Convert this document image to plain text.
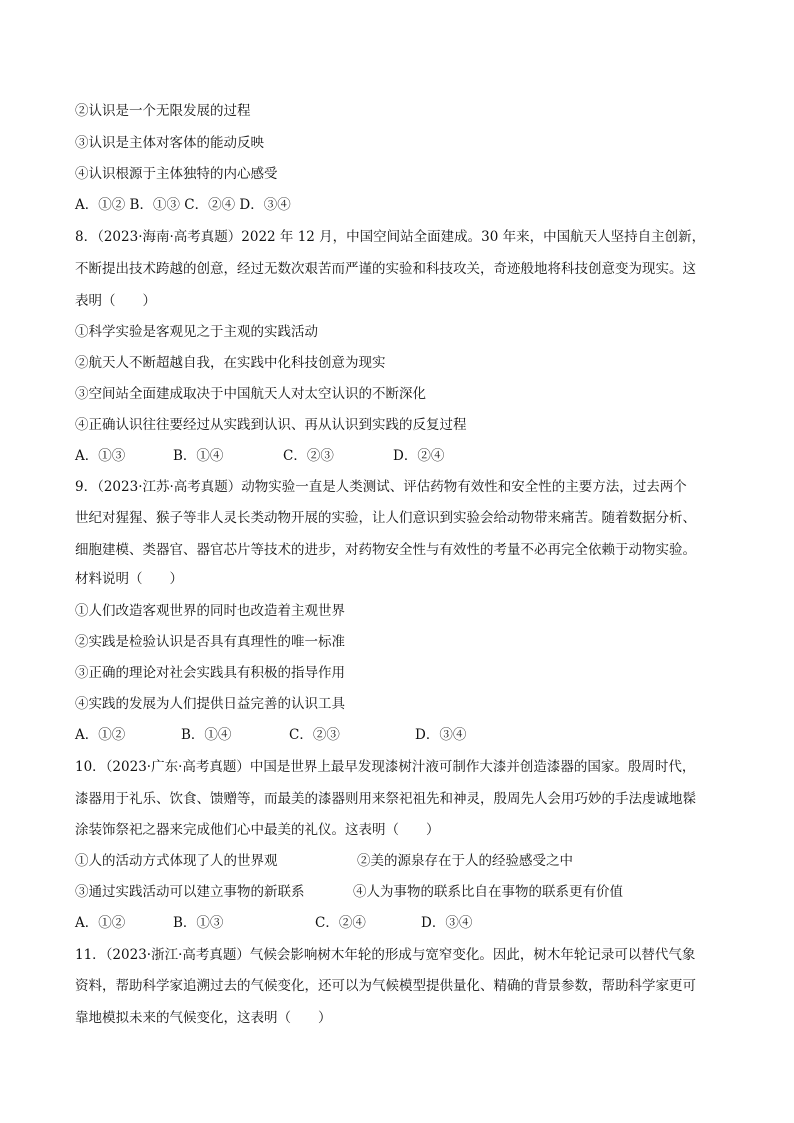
②认识是一个无限发展的过程
③认识是主体对客体的能动反映
④认识根源于主体独特的内心感受
A．①② B．①③ C．②④ D．③④
8．（2023·海南·高考真题）2022 年 12 月，中国空间站全面建成。30 年来，中国航天人坚持自主创新，
不断提出技术跨越的创意，经过无数次艰苦而严谨的实验和科技攻关，奇迹般地将科技创意变为现实。这
表明（　　）
①科学实验是客观见之于主观的实践活动
②航天人不断超越自我，在实践中化科技创意为现实
③空间站全面建成取决于中国航天人对太空认识的不断深化
④正确认识往往要经过从实践到认识、再从认识到实践的反复过程
A．①③	B．①④	C．②③	D．②④
9．（2023·江苏·高考真题）动物实验一直是人类测试、评估药物有效性和安全性的主要方法，过去两个
世纪对猩猩、猴子等非人灵长类动物开展的实验，让人们意识到实验会给动物带来痛苦。随着数据分析、
细胞建模、类器官、器官芯片等技术的进步，对药物安全性与有效性的考量不必再完全依赖于动物实验。
材料说明（　　）
①人们改造客观世界的同时也改造着主观世界
②实践是检验认识是否具有真理性的唯一标准
③正确的理论对社会实践具有积极的指导作用
④实践的发展为人们提供日益完善的认识工具
A．①②	B．①④	C．②③	D．③④
10．（2023·广东·高考真题）中国是世界上最早发现漆树汁液可制作大漆并创造漆器的国家。殷周时代，
漆器用于礼乐、饮食、馈赠等，而最美的漆器则用来祭祀祖先和神灵，殷周先人会用巧妙的手法虔诚地髹
涂装饰祭祀之器来完成他们心中最美的礼仪。这表明（　　）
①人的活动方式体现了人的世界观	②美的源泉存在于人的经验感受之中
③通过实践活动可以建立事物的新联系	④人为事物的联系比自在事物的联系更有价值
A．①②	B．①③	C．②④	D．③④
11．（2023·浙江·高考真题）气候会影响树木年轮的形成与宽窄变化。因此，树木年轮记录可以替代气象
资料，帮助科学家追溯过去的气候变化，还可以为气候模型提供量化、精确的背景参数，帮助科学家更可
靠地模拟未来的气候变化，这表明（　　）
